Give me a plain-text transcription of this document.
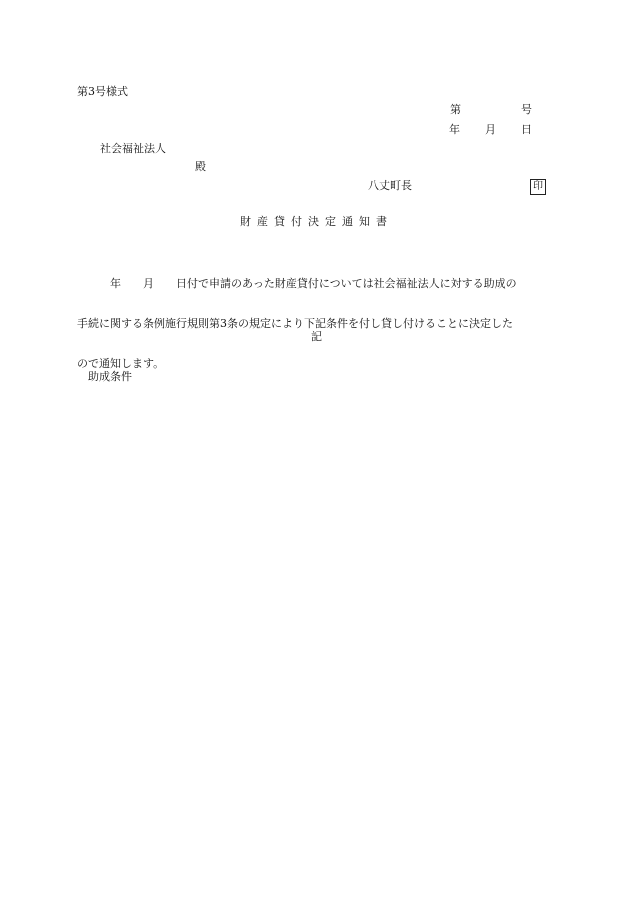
第3号様式
第	号
年 月 日
社会福祉法人
殿
八丈町長	印
財産貸付決定通知書

　　　年　　月　　日付で申請のあった財産貸付については社会福祉法人に対する助成の

手続に関する条例施行規則第3条の規定により下記条件を付し貸し付けることに決定した

ので通知します。

記
助成条件
